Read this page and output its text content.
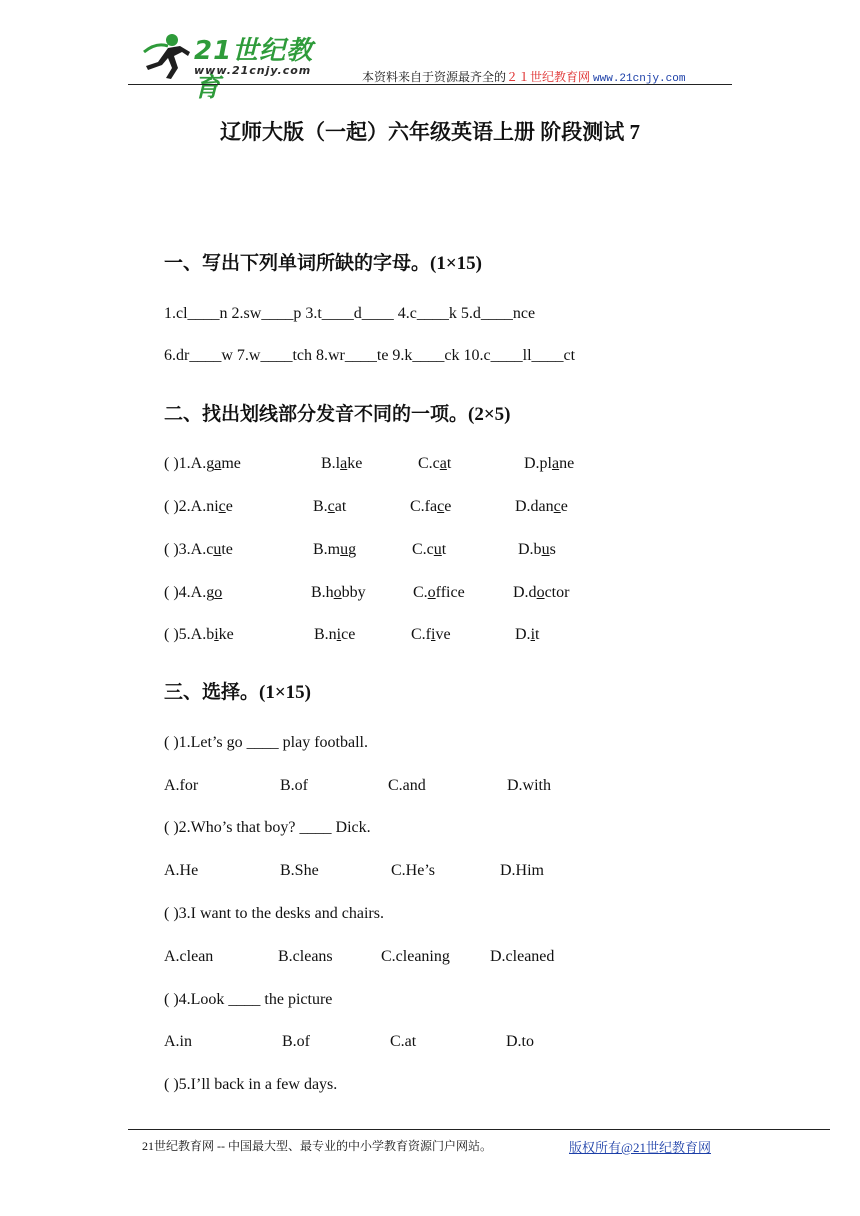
21世纪教育
www.21cnjy.com	本资料来自于资源最齐全的２１世纪教育网 www.21cnjy.com
辽师大版（一起）六年级英语上册 阶段测试 7
一、写出下列单词所缺的字母。(1×15)
1.cl____n 2.sw____p 3.t____d____ 4.c____k 5.d____nce
6.dr____w 7.w____tch 8.wr____te 9.k____ck 10.c____ll____ct
二、找出划线部分发音不同的一项。(2×5)
( )1.A.game	B.lake	C.cat	D.plane
( )2.A.nice	B.cat	C.face	D.dance
( )3.A.cute	B.mug	C.cut	D.bus
( )4.A.go	B.hobby	C.office	D.doctor
( )5.A.bike	B.nice	C.five	D.it
三、选择。(1×15)
( )1.Let’s go ____ play football.
A.for	B.of	C.and	D.with
( )2.Who’s that boy? ____ Dick.
A.He	B.She	C.He’s	D.Him
( )3.I want to the desks and chairs.
A.clean	B.cleans	C.cleaning	D.cleaned
( )4.Look ____ the picture
A.in	B.of	C.at	D.to
( )5.I’ll back in a few days.
21世纪教育网 -- 中国最大型、最专业的中小学教育资源门户网站。	版权所有@21世纪教育网
